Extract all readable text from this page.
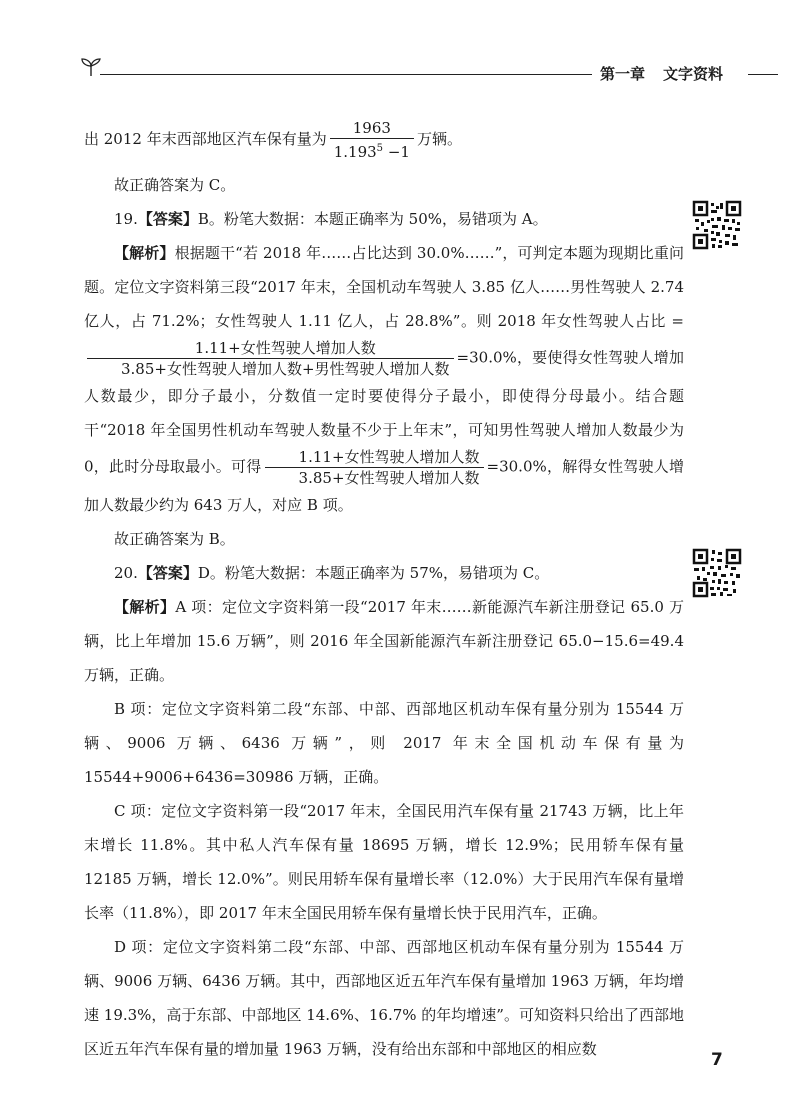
第一章 文字资料

出 2012 年末西部地区汽车保有量为 $\frac{1963}{1.193^5 -1}$ 万辆。

故正确答案为 C。

19.【答案】B。粉笔大数据：本题正确率为 50%，易错项为 A。

【解析】根据题干“若 2018 年……占比达到 30.0%……”，可判定本题为现期比重问题。定位文字资料第三段“2017 年末，全国机动车驾驶人 3.85 亿人……男性驾驶人 2.74 亿人，占 71.2%；女性驾驶人 1.11 亿人，占 28.8%”。则 2018 年女性驾驶人占比 =
$\frac{\text{1.11+女性驾驶人增加人数}}{\text{3.85+女性驾驶人增加人数+男性驾驶人增加人数}} =30.0\%$，要使得女性驾驶人增加人数最少，即分子最小，分数值一定时要使得分子最小，即使得分母最小。结合题干“2018 年全国男性机动车驾驶人数量不少于上年末”，可知男性驾驶人增加人数最少为 0，此时分母取最小。可得 $\frac{\text{1.11+女性驾驶人增加人数}}{\text{3.85+女性驾驶人增加人数}} =30.0\%$，解得女性驾驶人增加人数最少约为 643 万人，对应 B 项。

故正确答案为 B。

20.【答案】D。粉笔大数据：本题正确率为 57%，易错项为 C。

【解析】A 项：定位文字资料第一段“2017 年末……新能源汽车新注册登记 65.0 万辆，比上年增加 15.6 万辆”，则 2016 年全国新能源汽车新注册登记 65.0−15.6=49.4 万辆，正确。

B 项：定位文字资料第二段“东部、中部、西部地区机动车保有量分别为 15544 万辆、9006 万辆、6436 万辆”，则 2017 年末全国机动车保有量为 15544+9006+6436=30986 万辆，正确。

C 项：定位文字资料第一段“2017 年末，全国民用汽车保有量 21743 万辆，比上年末增长 11.8%。其中私人汽车保有量 18695 万辆，增长 12.9%；民用轿车保有量 12185 万辆，增长 12.0%”。则民用轿车保有量增长率（12.0%）大于民用汽车保有量增长率（11.8%），即 2017 年末全国民用轿车保有量增长快于民用汽车，正确。

D 项：定位文字资料第二段“东部、中部、西部地区机动车保有量分别为 15544 万辆、9006 万辆、6436 万辆。其中，西部地区近五年汽车保有量增加 1963 万辆，年均增速 19.3%，高于东部、中部地区 14.6%、16.7% 的年均增速”。可知资料只给出了西部地区近五年汽车保有量的增加量 1963 万辆，没有给出东部和中部地区的相应数

7
